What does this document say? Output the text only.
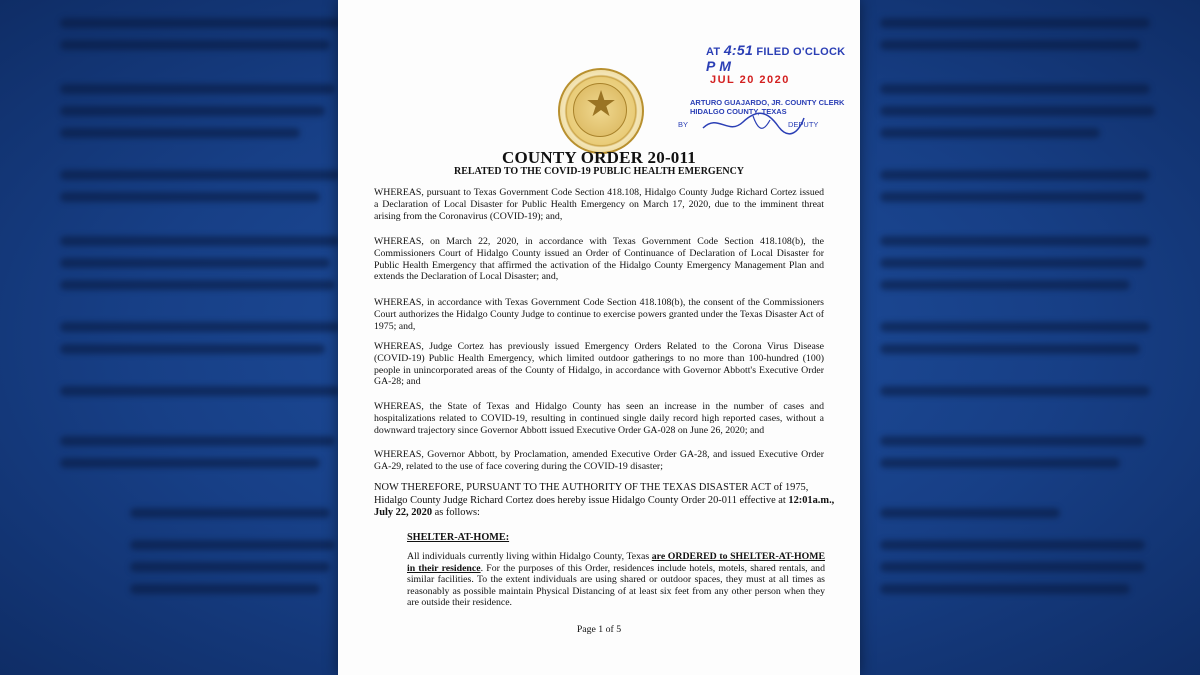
★
AT 4:51 FILED O'CLOCK P M
JUL 20 2020
ARTURO GUAJARDO, JR. COUNTY CLERK
HIDALGO COUNTY, TEXAS
BY	DEPUTY
COUNTY ORDER 20-011
RELATED TO THE COVID-19 PUBLIC HEALTH EMERGENCY
WHEREAS, pursuant to Texas Government Code Section 418.108, Hidalgo County Judge Richard Cortez issued a Declaration of Local Disaster for Public Health Emergency on March 17, 2020, due to the imminent threat arising from the Coronavirus (COVID-19); and,
WHEREAS, on March 22, 2020, in accordance with Texas Government Code Section 418.108(b), the Commissioners Court of Hidalgo County issued an Order of Continuance of Declaration of Local Disaster for Public Health Emergency that affirmed the activation of the Hidalgo County Emergency Management Plan and extends the Declaration of Local Disaster; and,
WHEREAS, in accordance with Texas Government Code Section 418.108(b), the consent of the Commissioners Court authorizes the Hidalgo County Judge to continue to exercise powers granted under the Texas Disaster Act of 1975; and,
WHEREAS, Judge Cortez has previously issued Emergency Orders Related to the Corona Virus Disease (COVID-19) Public Health Emergency, which limited outdoor gatherings to no more than 100-hundred (100) people in unincorporated areas of the County of Hidalgo, in accordance with Governor Abbott's Executive Order GA-28; and
WHEREAS, the State of Texas and Hidalgo County has seen an increase in the number of cases and hospitalizations related to COVID-19, resulting in continued single daily record high reported cases, without a downward trajectory since Governor Abbott issued Executive Order GA-028 on June 26, 2020; and
WHEREAS, Governor Abbott, by Proclamation, amended Executive Order GA-28, and issued Executive Order GA-29, related to the use of face covering during the COVID-19 disaster;
NOW THEREFORE, PURSUANT TO THE AUTHORITY OF THE TEXAS DISASTER ACT of 1975, Hidalgo County Judge Richard Cortez does hereby issue Hidalgo County Order 20-011 effective at 12:01a.m., July 22, 2020 as follows:
SHELTER-AT-HOME:
All individuals currently living within Hidalgo County, Texas are ORDERED to SHELTER-AT-HOME in their residence. For the purposes of this Order, residences include hotels, motels, shared rentals, and similar facilities. To the extent individuals are using shared or outdoor spaces, they must at all times as reasonably as possible maintain Physical Distancing of at least six feet from any other person when they are outside their residence.
Page 1 of 5
